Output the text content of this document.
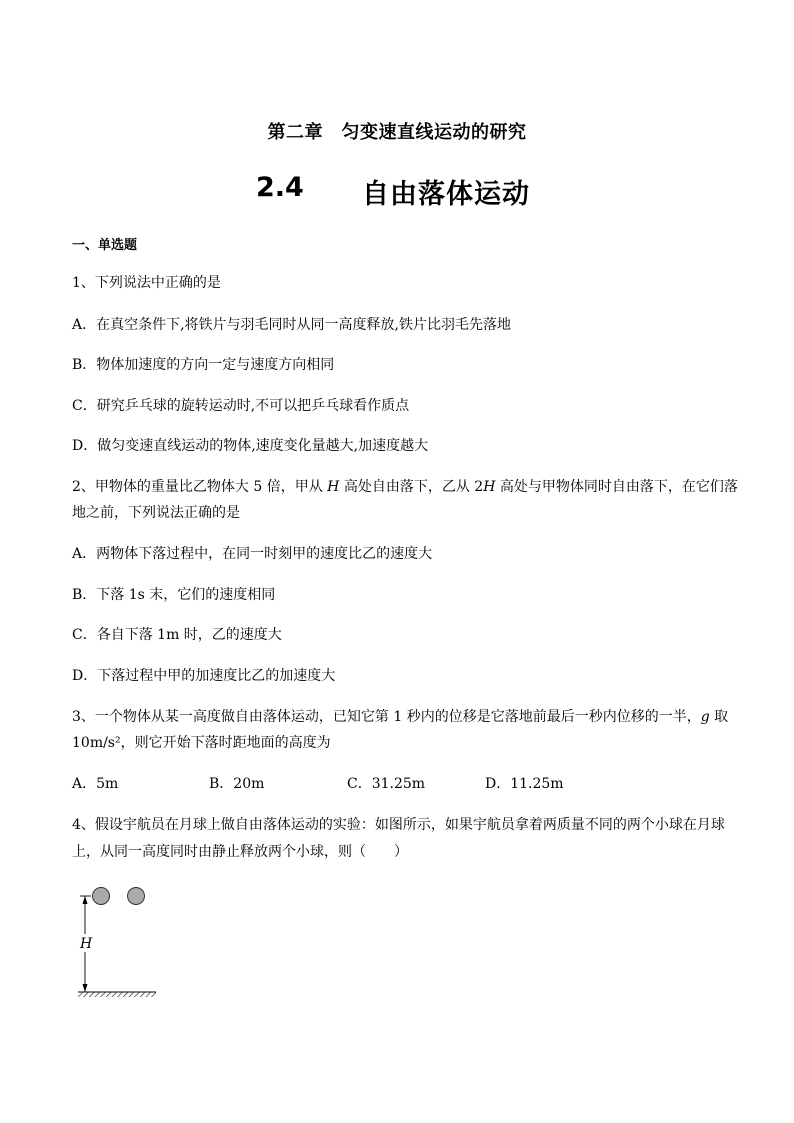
第二章　匀变速直线运动的研究
2.4 自由落体运动
一、单选题
1、下列说法中正确的是
A．在真空条件下,将铁片与羽毛同时从同一高度释放,铁片比羽毛先落地
B．物体加速度的方向一定与速度方向相同
C．研究乒乓球的旋转运动时,不可以把乒乓球看作质点
D．做匀变速直线运动的物体,速度变化量越大,加速度越大
2、甲物体的重量比乙物体大 5 倍，甲从 H 高处自由落下，乙从 2H 高处与甲物体同时自由落下，在它们落
地之前，下列说法正确的是
A．两物体下落过程中，在同一时刻甲的速度比乙的速度大
B．下落 1s 末，它们的速度相同
C．各自下落 1m 时，乙的速度大
D．下落过程中甲的加速度比乙的加速度大
3、一个物体从某一高度做自由落体运动，已知它第 1 秒内的位移是它落地前最后一秒内位移的一半，g 取
10m/s²，则它开始下落时距地面的高度为
A．5m	B．20m	C．31.25m	D．11.25m
4、假设宇航员在月球上做自由落体运动的实验：如图所示，如果宇航员拿着两质量不同的两个小球在月球
上，从同一高度同时由静止释放两个小球，则（　　）
H
